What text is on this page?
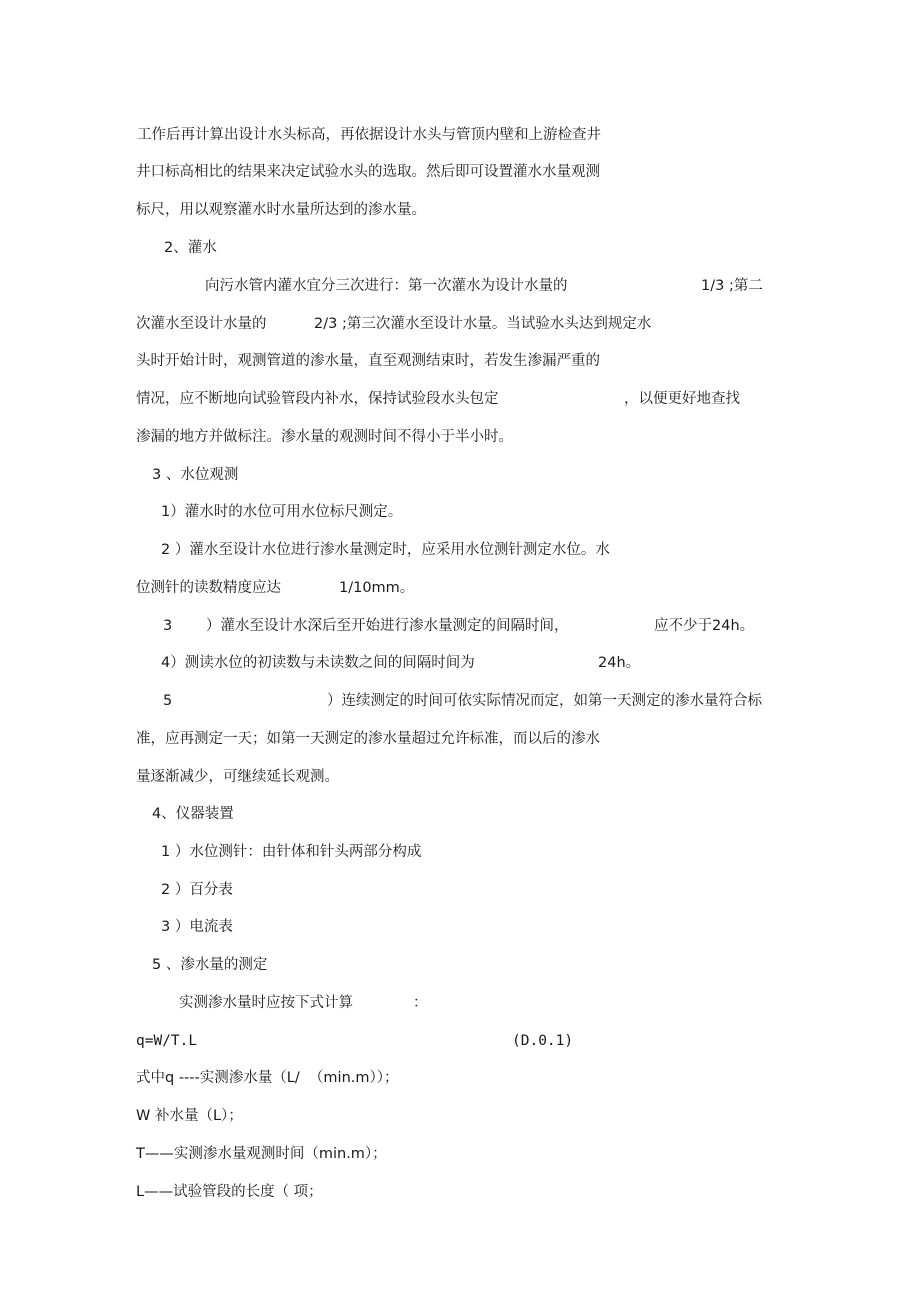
工作后再计算出设计水头标高，再依据设计水头与管顶内壁和上游检查井
井口标高相比的结果来决定试验水头的选取。然后即可设置灌水水量观测
标尺，用以观察灌水时水量所达到的渗水量。
2、灌水
向污水管内灌水宜分三次进行：第一次灌水为设计水量的	1/3 ;第二
次灌水至设计水量的	2/3 ;第三次灌水至设计水量。当试验水头达到规定水
头时开始计时，观测管道的渗水量，直至观测结束时，若发生渗漏严重的
情况，应不断地向试验管段内补水，保持试验段水头包定	，以便更好地查找
渗漏的地方并做标注。渗水量的观测时间不得小于半小时。
3 、水位观测
1）灌水时的水位可用水位标尺测定。
2 ）灌水至设计水位进行渗水量测定时，应采用水位测针测定水位。水
位测针的读数精度应达	1/10mm。
3 ）灌水至设计水深后至开始进行渗水量测定的间隔时间，	应不少于24h。
4）测读水位的初读数与未读数之间的间隔时间为	24h。
5	）连续测定的时间可依实际情况而定，如第一天测定的渗水量符合标
准，应再测定一天；如第一天测定的渗水量超过允许标准，而以后的渗水
量逐渐减少，可继续延长观测。
4、仪器装置
1 ）水位测针：由针体和针头两部分构成
2 ）百分表
3 ）电流表
5 、渗水量的测定
实测渗水量时应按下式计算	：
q=W/T.L	(D.0.1)
式中q ----实测渗水量（L/  （min.m））；
W 补水量（L）；
T——实测渗水量观测时间（min.m）；
L——试验管段的长度（ 项；
